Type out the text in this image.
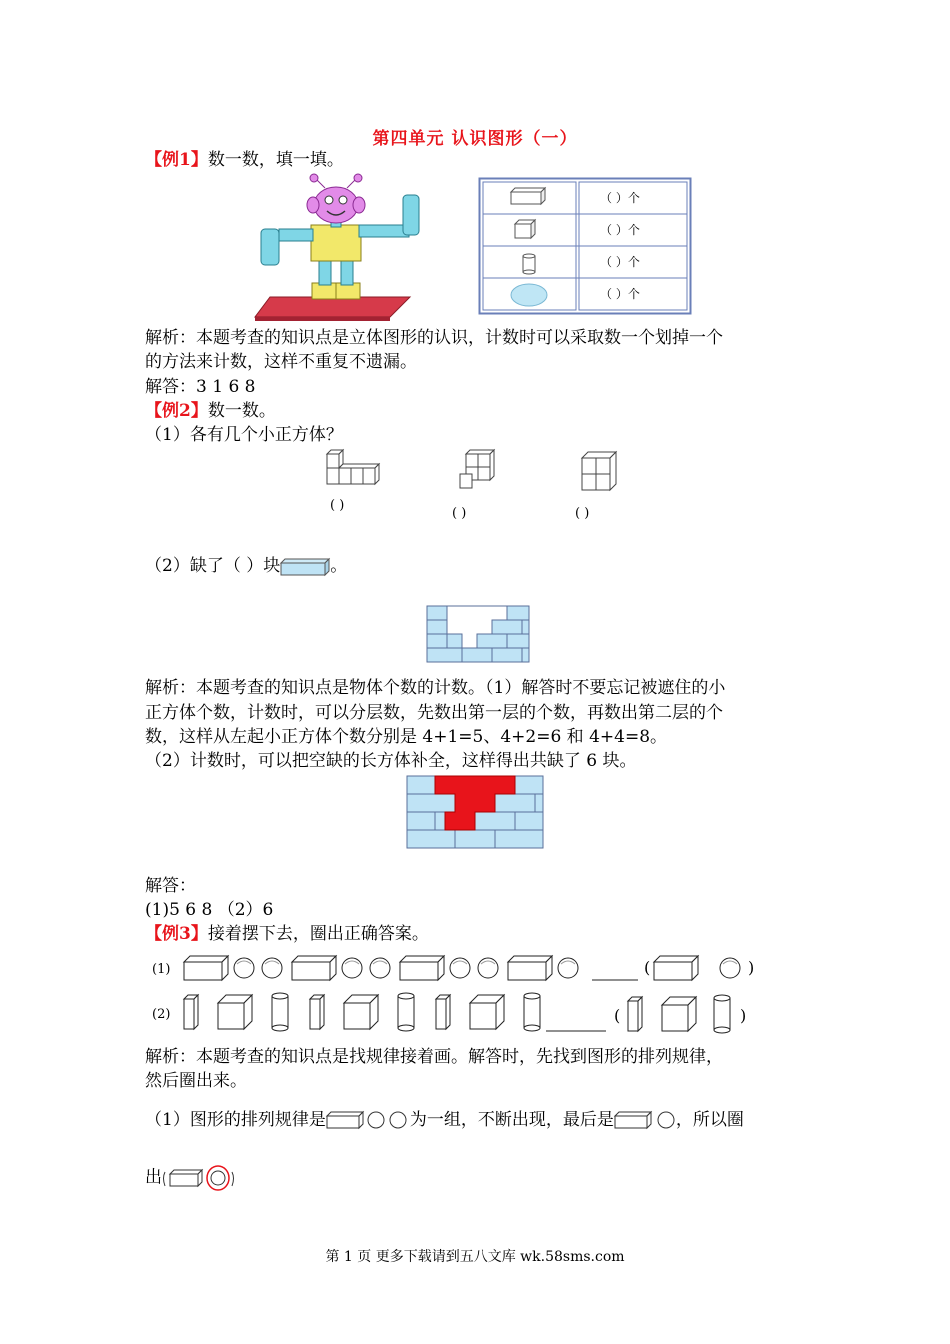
第四单元 认识图形（一）
【例1】数一数，填一填。
（ ）个
（ ）个
（ ）个
（ ）个
解析：本题考查的知识点是立体图形的认识，计数时可以采取数一个划掉一个
的方法来计数，这样不重复不遗漏。
解答：3 1 6 8
【例2】数一数。
（1）各有几个小正方体？
( )
( )	( )
（2）缺了（ ）块	。
解析：本题考查的知识点是物体个数的计数。（1）解答时不要忘记被遮住的小
正方体个数，计数时，可以分层数，先数出第一层的个数，再数出第二层的个
数，这样从左起小正方体个数分别是 4+1=5、4+2=6 和 4+4=8。
（2）计数时，可以把空缺的长方体补全，这样得出共缺了 6 块。
解答：
(1)5 6 8 （2）6
【例3】接着摆下去，圈出正确答案。
(1)	(	)
(2)	(	)
解析：本题考查的知识点是找规律接着画。解答时，先找到图形的排列规律，
然后圈出来。
（1）图形的排列规律是	为一组，不断出现，最后是	，所以圈
出
第 1 页 更多下载请到五八文库 wk.58sms.com
